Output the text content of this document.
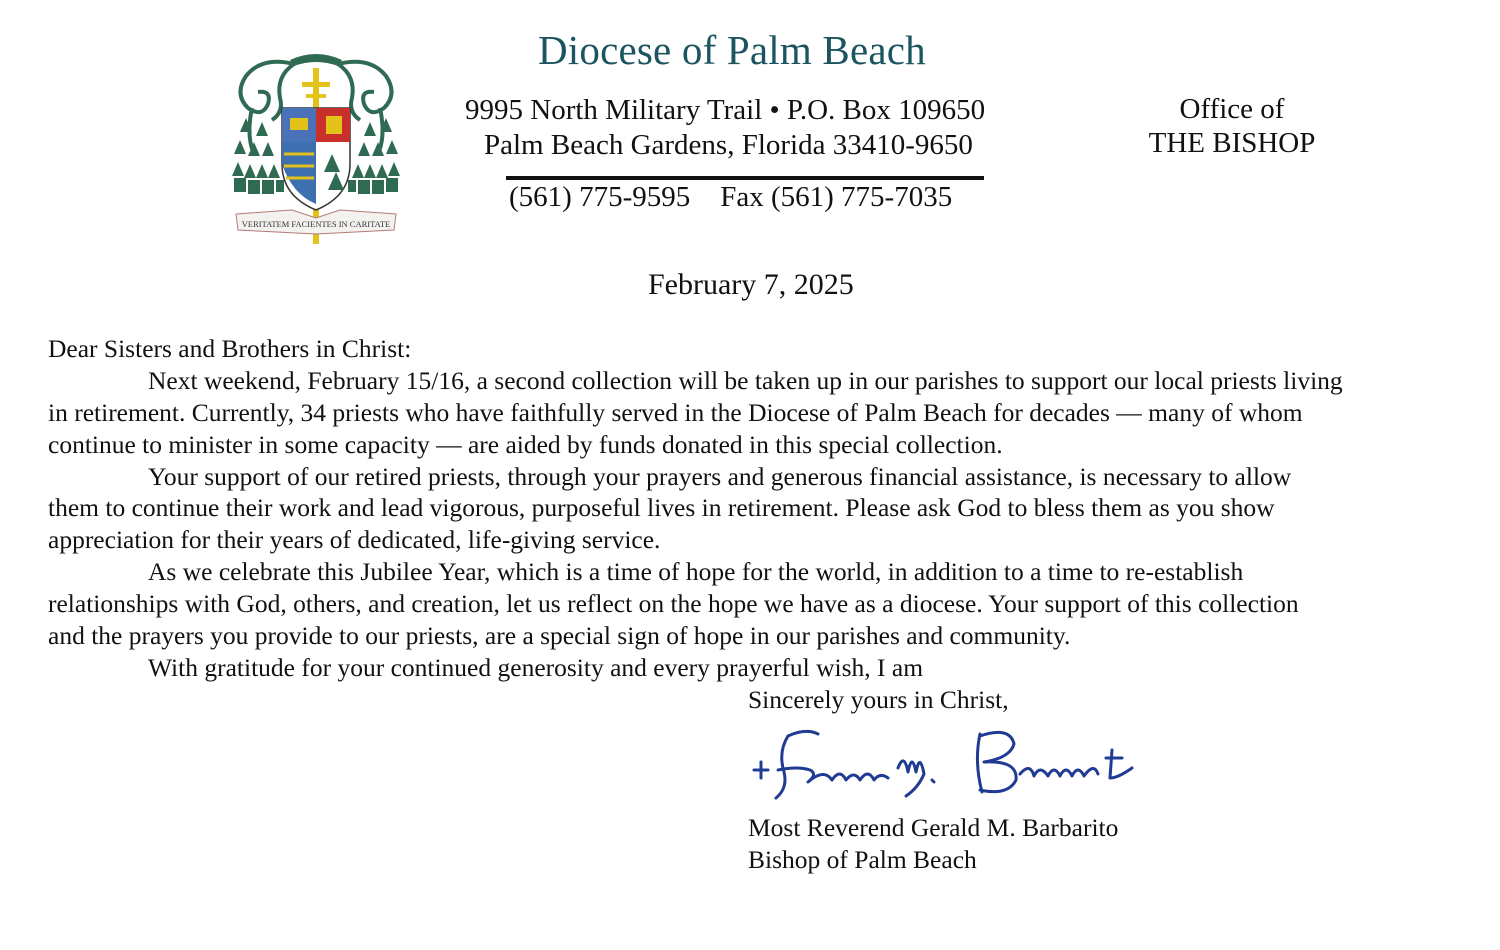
VERITATEM FACIENTES IN CARITATE
Diocese of Palm Beach
9995 North Military Trail • P.O. Box 109650
Palm Beach Gardens, Florida 33410-9650
(561) 775-9595 Fax (561) 775-7035
Office of
THE BISHOP
February 7, 2025
Dear Sisters and Brothers in Christ:
Next weekend, February 15/16, a second collection will be taken up in our parishes to support our local priests living
in retirement. Currently, 34 priests who have faithfully served in the Diocese of Palm Beach for decades — many of whom
continue to minister in some capacity — are aided by funds donated in this special collection.
Your support of our retired priests, through your prayers and generous financial assistance, is necessary to allow
them to continue their work and lead vigorous, purposeful lives in retirement. Please ask God to bless them as you show
appreciation for their years of dedicated, life-giving service.
As we celebrate this Jubilee Year, which is a time of hope for the world, in addition to a time to re-establish
relationships with God, others, and creation, let us reflect on the hope we have as a diocese. Your support of this collection
and the prayers you provide to our priests, are a special sign of hope in our parishes and community.
With gratitude for your continued generosity and every prayerful wish, I am
Sincerely yours in Christ,
Most Reverend Gerald M. Barbarito
Bishop of Palm Beach
